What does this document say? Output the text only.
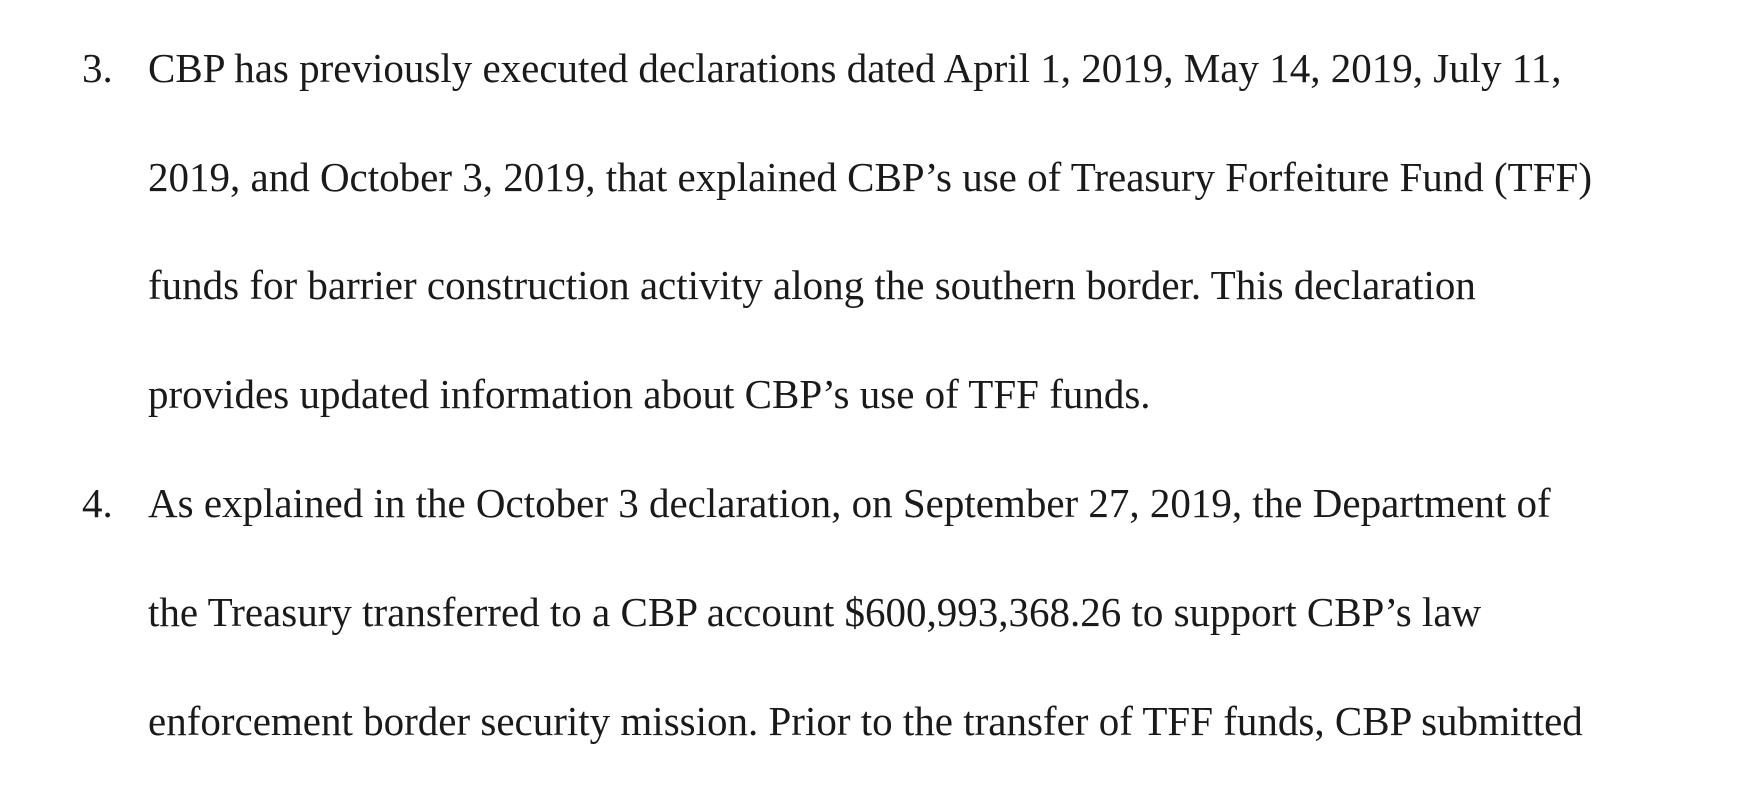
3. CBP has previously executed declarations dated April 1, 2019, May 14, 2019, July 11,
2019, and October 3, 2019, that explained CBP’s use of Treasury Forfeiture Fund (TFF)
funds for barrier construction activity along the southern border. This declaration
provides updated information about CBP’s use of TFF funds.
4. As explained in the October 3 declaration, on September 27, 2019, the Department of
the Treasury transferred to a CBP account $600,993,368.26 to support CBP’s law
enforcement border security mission. Prior to the transfer of TFF funds, CBP submitted
